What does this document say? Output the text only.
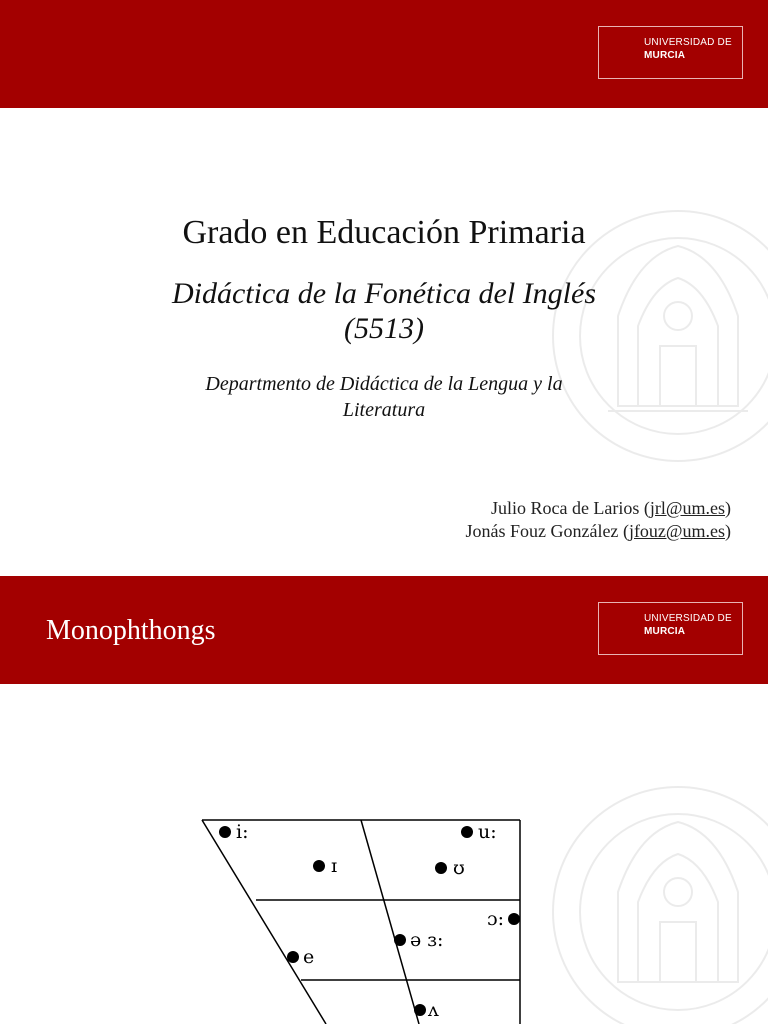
UNIVERSIDAD DE
MURCIA
Grado en Educación Primaria
Didáctica de la Fonética del Inglés
(5513)
Departmento de Didáctica de la Lengua y la
Literatura
Julio Roca de Larios (jrl@um.es)
Jonás Fouz González (jfouz@um.es)
Monophthongs	UNIVERSIDAD DE
MURCIA
i:	u:
ɪ	ʊ
ɔ:
e
ə ɜ:
ʌ
